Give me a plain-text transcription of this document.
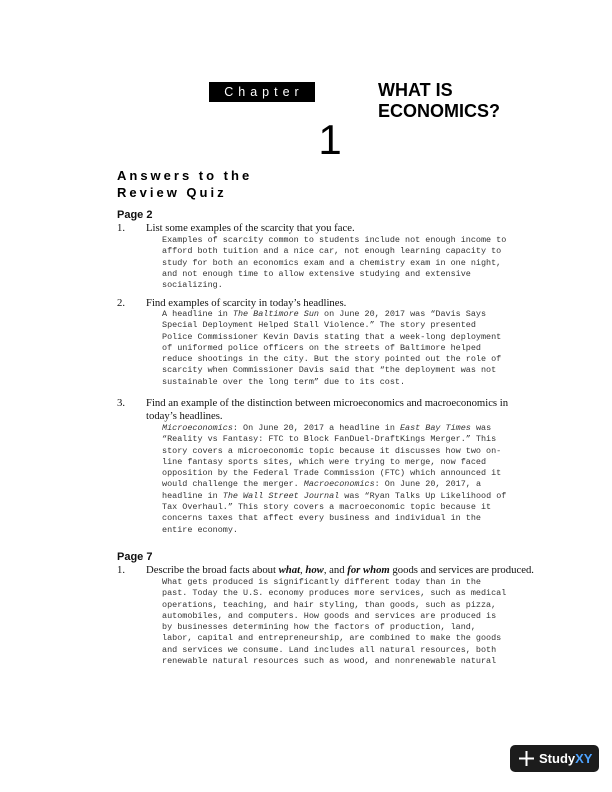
Chapter	WHAT IS
ECONOMICS?
1
Answers to the
Review Quiz
Page 2
1. List some examples of the scarcity that you face.
Examples of scarcity common to students include not enough income to
afford both tuition and a nice car, not enough learning capacity to
study for both an economics exam and a chemistry exam in one night,
and not enough time to allow extensive studying and extensive
socializing.
2. Find examples of scarcity in today’s headlines.
A headline in The Baltimore Sun on June 20, 2017 was “Davis Says
Special Deployment Helped Stall Violence.” The story presented
Police Commissioner Kevin Davis stating that a week-long deployment
of uniformed police officers on the streets of Baltimore helped
reduce shootings in the city. But the story pointed out the role of
scarcity when Commissioner Davis said that “the deployment was not
sustainable over the long term” due to its cost.
3. Find an example of the distinction between microeconomics and macroeconomics in
today’s headlines.
Microeconomics: On June 20, 2017 a headline in East Bay Times was
“Reality vs Fantasy: FTC to Block FanDuel-DraftKings Merger.” This
story covers a microeconomic topic because it discusses how two on-
line fantasy sports sites, which were trying to merge, now faced
opposition by the Federal Trade Commission (FTC) which announced it
would challenge the merger. Macroeconomics: On June 20, 2017, a
headline in The Wall Street Journal was “Ryan Talks Up Likelihood of
Tax Overhaul.” This story covers a macroeconomic topic because it
concerns taxes that affect every business and individual in the
entire economy.
Page 7
1. Describe the broad facts about what, how, and for whom goods and services are produced.
What gets produced is significantly different today than in the
past. Today the U.S. economy produces more services, such as medical
operations, teaching, and hair styling, than goods, such as pizza,
automobiles, and computers. How goods and services are produced is
by businesses determining how the factors of production, land,
labor, capital and entrepreneurship, are combined to make the goods
and services we consume. Land includes all natural resources, both
renewable natural resources such as wood, and nonrenewable natural
StudyXY
